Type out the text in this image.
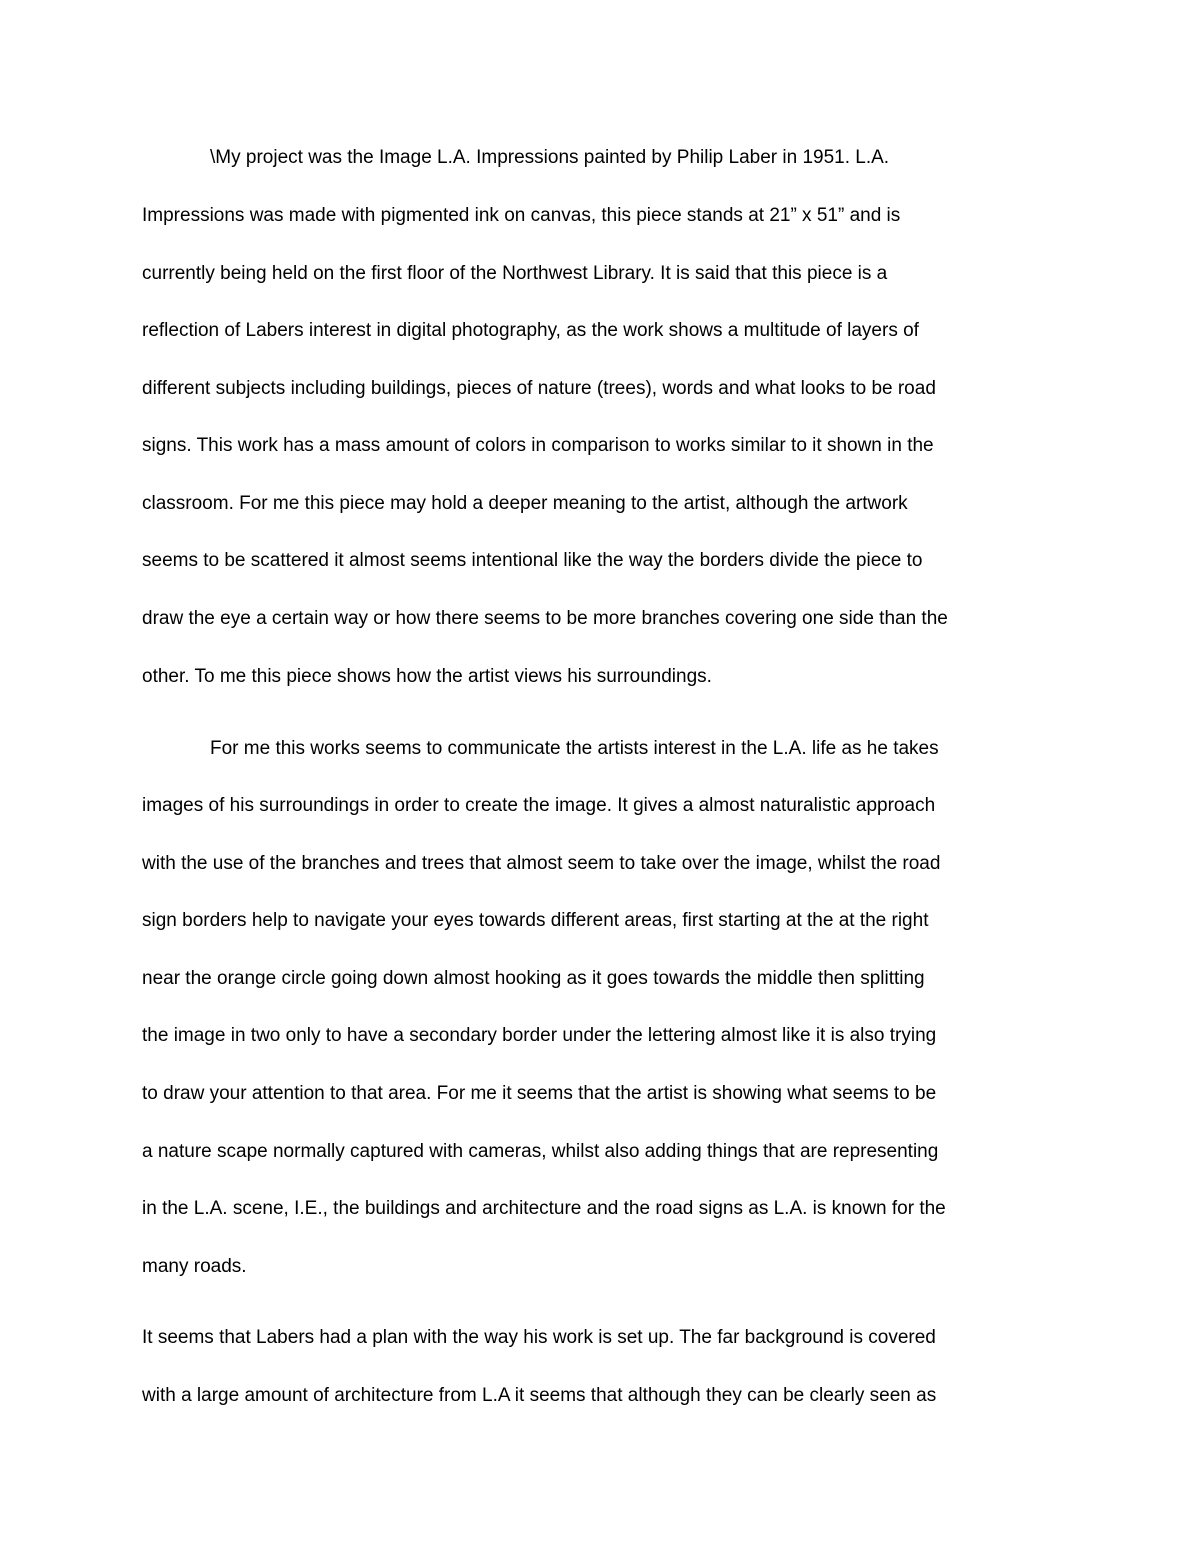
\My project was the Image L.A. Impressions painted by Philip Laber in 1951. L.A.

Impressions was made with pigmented ink on canvas, this piece stands at 21” x 51” and is

currently being held on the first floor of the Northwest Library. It is said that this piece is a

reflection of Labers interest in digital photography, as the work shows a multitude of layers of

different subjects including buildings, pieces of nature (trees), words and what looks to be road

signs. This work has a mass amount of colors in comparison to works similar to it shown in the

classroom. For me this piece may hold a deeper meaning to the artist, although the artwork

seems to be scattered it almost seems intentional like the way the borders divide the piece to

draw the eye a certain way or how there seems to be more branches covering one side than the

other. To me this piece shows how the artist views his surroundings.

For me this works seems to communicate the artists interest in the L.A. life as he takes

images of his surroundings in order to create the image. It gives a almost naturalistic approach

with the use of the branches and trees that almost seem to take over the image, whilst the road

sign borders help to navigate your eyes towards different areas, first starting at the at the right

near the orange circle going down almost hooking as it goes towards the middle then splitting

the image in two only to have a secondary border under the lettering almost like it is also trying

to draw your attention to that area. For me it seems that the artist is showing what seems to be

a nature scape normally captured with cameras, whilst also adding things that are representing

in the L.A. scene, I.E., the buildings and architecture and the road signs as L.A. is known for the

many roads.

It seems that Labers had a plan with the way his work is set up. The far background is covered

with a large amount of architecture from L.A it seems that although they can be clearly seen as
